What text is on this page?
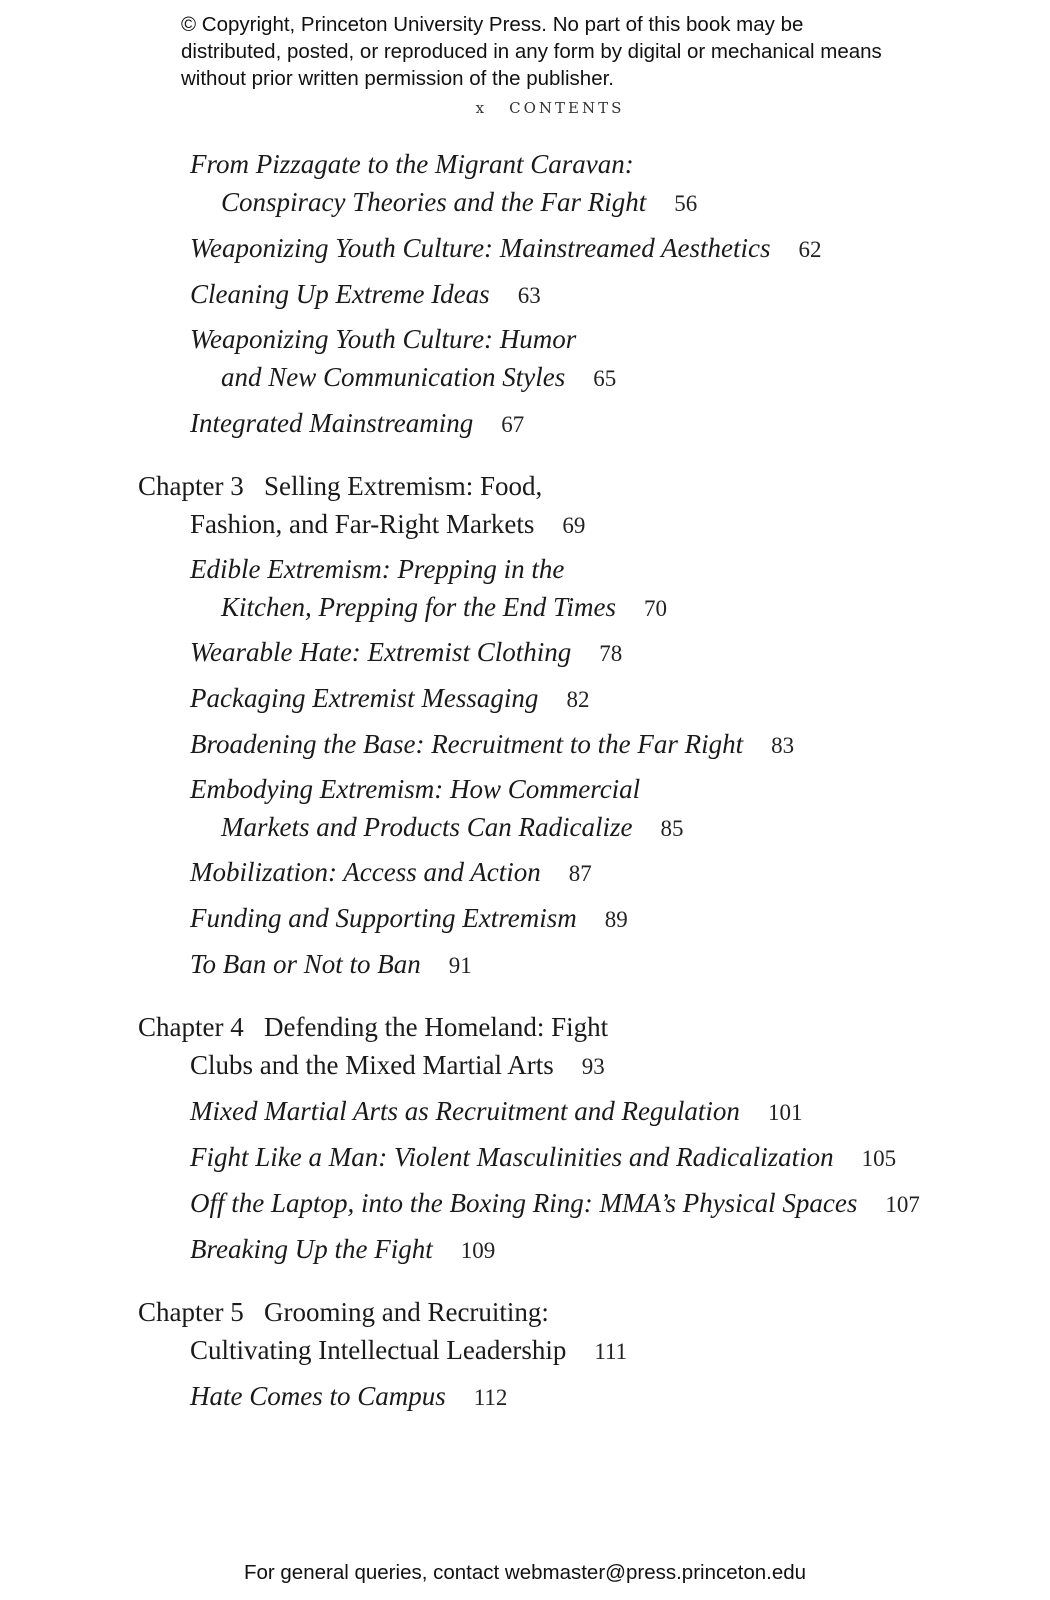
© Copyright, Princeton University Press. No part of this book may be distributed, posted, or reproduced in any form by digital or mechanical means without prior written permission of the publisher.

x CONTENTS
From Pizzagate to the Migrant Caravan:
Conspiracy Theories and the Far Right 56
Weaponizing Youth Culture: Mainstreamed Aesthetics 62
Cleaning Up Extreme Ideas 63
Weaponizing Youth Culture: Humor
and New Communication Styles 65
Integrated Mainstreaming 67
Chapter 3   Selling Extremism: Food,
Fashion, and Far-Right Markets 69
Edible Extremism: Prepping in the
Kitchen, Prepping for the End Times 70
Wearable Hate: Extremist Clothing 78
Packaging Extremist Messaging 82
Broadening the Base: Recruitment to the Far Right 83
Embodying Extremism: How Commercial
Markets and Products Can Radicalize 85
Mobilization: Access and Action 87
Funding and Supporting Extremism 89
To Ban or Not to Ban 91
Chapter 4   Defending the Homeland: Fight
Clubs and the Mixed Martial Arts 93
Mixed Martial Arts as Recruitment and Regulation 101
Fight Like a Man: Violent Masculinities and Radicalization 105
Off the Laptop, into the Boxing Ring: MMA’s Physical Spaces 107
Breaking Up the Fight 109
Chapter 5   Grooming and Recruiting:
Cultivating Intellectual Leadership 111
Hate Comes to Campus 112
For general queries, contact webmaster@press.princeton.edu
